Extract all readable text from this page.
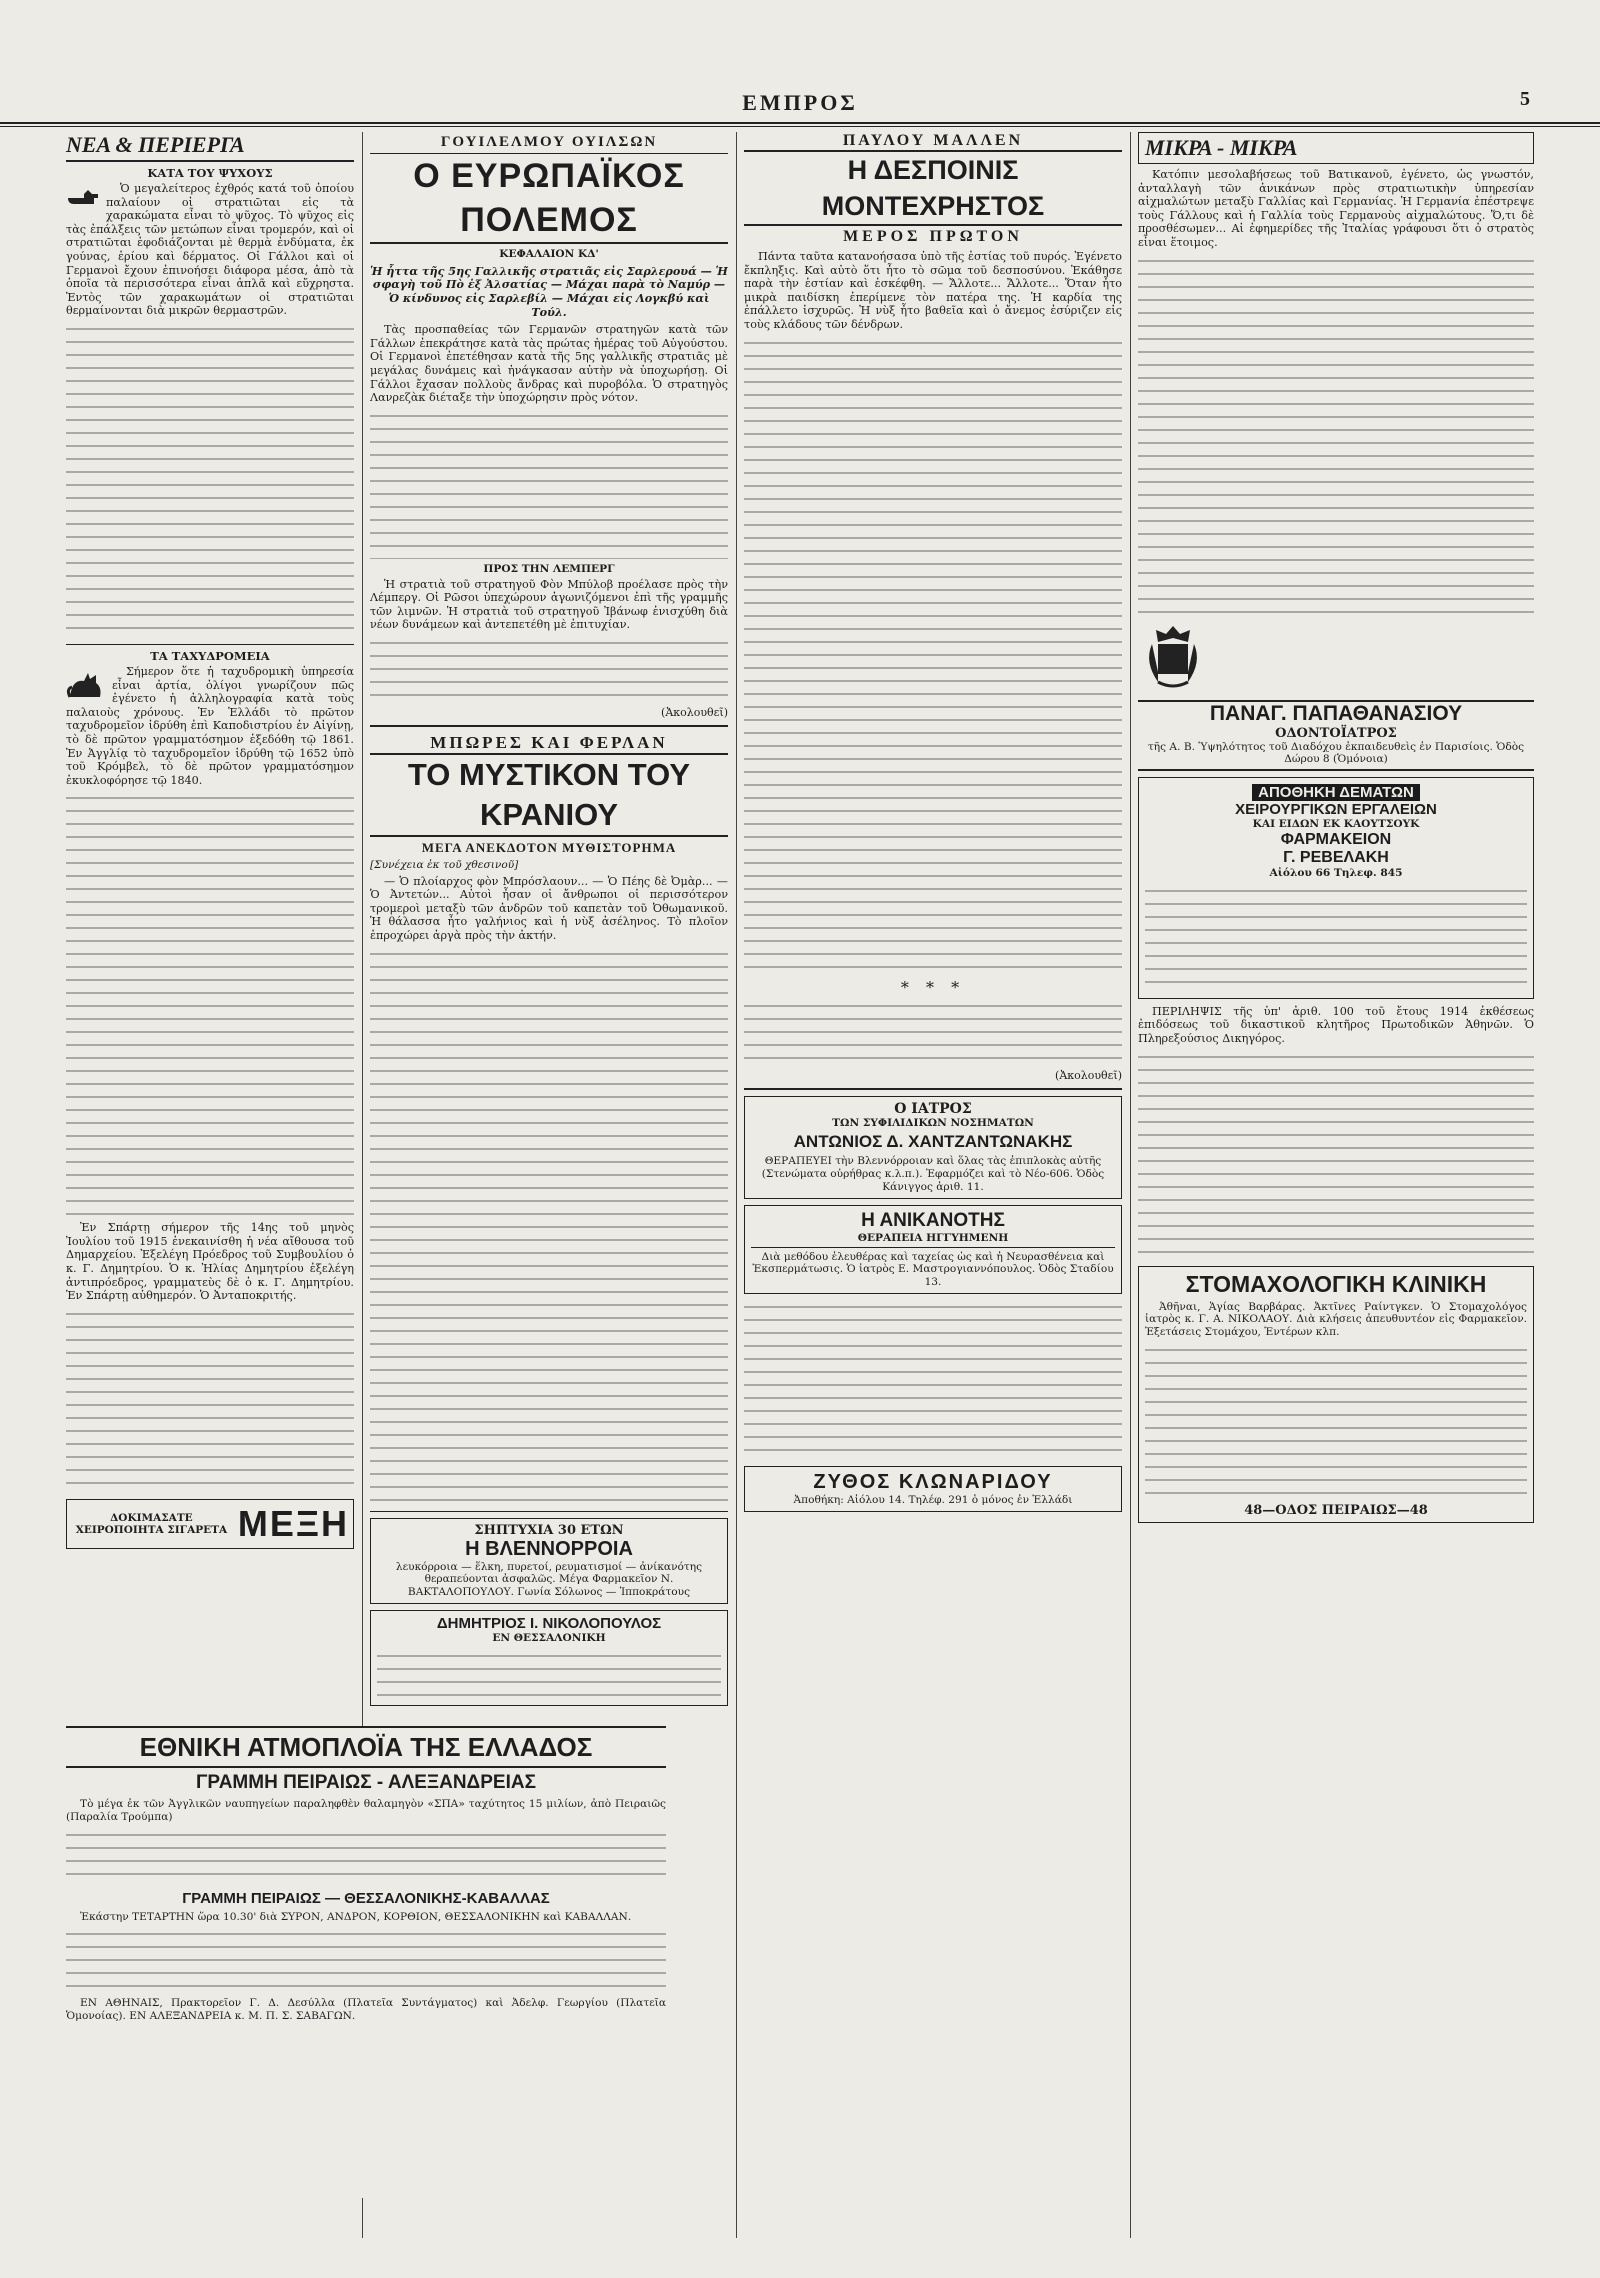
ΕΜΠΡΟΣ	5
ΝΕΑ & ΠΕΡΙΕΡΓΑ
ΚΑΤΑ ΤΟΥ ΨΥΧΟΥΣ

Ὁ μεγαλείτερος ἐχθρός κατά τοῦ ὁποίου παλαίουν οἱ στρατιῶται εἰς τὰ χαρακώματα εἶναι τὸ ψῦχος. Τὸ ψῦχος εἰς τὰς ἐπάλξεις τῶν μετώπων εἶναι τρομερόν, καὶ οἱ στρατιῶται ἐφοδιάζονται μὲ θερμὰ ἐνδύματα, ἐκ γούνας, ἐρίου καὶ δέρματος. Οἱ Γάλλοι καὶ οἱ Γερμανοὶ ἔχουν ἐπινοήσει διάφορα μέσα, ἀπὸ τὰ ὁποῖα τὰ περισσότερα εἶναι ἁπλᾶ καὶ εὔχρηστα. Ἐντὸς τῶν χαρακωμάτων οἱ στρατιῶται θερμαίνονται διὰ μικρῶν θερμαστρῶν.

ΤΑ ΤΑΧΥΔΡΟΜΕΙΑ

Σήμερον ὅτε ἡ ταχυδρομικὴ ὑπηρεσία εἶναι ἀρτία, ὀλίγοι γνωρίζουν πῶς ἐγένετο ἡ ἀλληλογραφία κατὰ τοὺς παλαιοὺς χρόνους. Ἐν Ἑλλάδι τὸ πρῶτον ταχυδρομεῖον ἱδρύθη ἐπὶ Καποδιστρίου ἐν Αἰγίνῃ, τὸ δὲ πρῶτον γραμματόσημον ἐξεδόθη τῷ 1861. Ἐν Ἀγγλίᾳ τὸ ταχυδρομεῖον ἱδρύθη τῷ 1652 ὑπὸ τοῦ Κρόμβελ, τὸ δὲ πρῶτον γραμματόσημον ἐκυκλοφόρησε τῷ 1840.

Ἐν Σπάρτῃ σήμερον τῆς 14ης τοῦ μηνὸς Ἰουλίου τοῦ 1915 ἐνεκαινίσθη ἡ νέα αἴθουσα τοῦ Δημαρχείου. Ἐξελέγη Πρόεδρος τοῦ Συμβουλίου ὁ κ. Γ. Δημητρίου. Ὁ κ. Ἠλίας Δημητρίου ἐξελέγη ἀντιπρόεδρος, γραμματεὺς δὲ ὁ κ. Γ. Δημητρίου. Ἐν Σπάρτῃ αὐθημερόν. Ὁ Ἀνταποκριτής.

ΔΟΚΙΜΑΣΑΤΕ
ΧΕΙΡΟΠΟΙΗΤΑ ΣΙΓΑΡΕΤΑ ΜΕΞΗ
ΓΟΥΙΛΕΛΜΟΥ ΟΥΙΛΣΩΝ
Ο ΕΥΡΩΠΑΪΚΟΣ ΠΟΛΕΜΟΣ
ΚΕΦΑΛΑΙΟΝ ΚΔ'

Ἡ ἧττα τῆς 5ης Γαλλικῆς στρατιᾶς εἰς Σαρλερουά — Ἡ σφαγὴ τοῦ Πὸ ἐξ Ἀλσατίας — Μάχαι παρὰ τὸ Ναμύρ — Ὁ κίνδυνος εἰς Σαρλεβίλ — Μάχαι εἰς Λογκβύ καὶ Τούλ.

Τὰς προσπαθείας τῶν Γερμανῶν στρατηγῶν κατὰ τῶν Γάλλων ἐπεκράτησε κατὰ τὰς πρώτας ἡμέρας τοῦ Αὐγούστου. Οἱ Γερμανοὶ ἐπετέθησαν κατὰ τῆς 5ης γαλλικῆς στρατιᾶς μὲ μεγάλας δυνάμεις καὶ ἠνάγκασαν αὐτὴν νὰ ὑποχωρήσῃ. Οἱ Γάλλοι ἔχασαν πολλοὺς ἄνδρας καὶ πυροβόλα. Ὁ στρατηγὸς Λανρεζὰκ διέταξε τὴν ὑποχώρησιν πρὸς νότον.

ΠΡΟΣ ΤΗΝ ΛΕΜΠΕΡΓ

Ἡ στρατιὰ τοῦ στρατηγοῦ Φὸν Μπύλοβ προέλασε πρὸς τὴν Λέμπεργ. Οἱ Ρῶσοι ὑπεχώρουν ἀγωνιζόμενοι ἐπὶ τῆς γραμμῆς τῶν λιμνῶν. Ἡ στρατιὰ τοῦ στρατηγοῦ Ἰβάνωφ ἐνισχύθη διὰ νέων δυνάμεων καὶ ἀντεπετέθη μὲ ἐπιτυχίαν.

(Ἀκολουθεῖ)
ΜΠΩΡΕΣ ΚΑΙ ΦΕΡΛΑΝ
ΤΟ ΜΥΣΤΙΚΟΝ ΤΟΥ ΚΡΑΝΙΟΥ
ΜΕΓΑ ΑΝΕΚΔΟΤΟΝ ΜΥΘΙΣΤΟΡΗΜΑ
[Συνέχεια ἐκ τοῦ χθεσινοῦ]

— Ὁ πλοίαρχος φὸν Μπρόσλαουν... — Ὁ Πέης δὲ Ὀμὰρ... — Ὁ Ἀντετών... Αὐτοὶ ἦσαν οἱ ἄνθρωποι οἱ περισσότερον τρομεροὶ μεταξὺ τῶν ἀνδρῶν τοῦ καπετὰν τοῦ Ὀθωμανικοῦ. Ἡ θάλασσα ἦτο γαλήνιος καὶ ἡ νὺξ ἀσέληνος. Τὸ πλοῖον ἐπροχώρει ἀργὰ πρὸς τὴν ἀκτήν.

ΣΗΠΤΥΧΙΑ 30 ΕΤΩΝ
Η ΒΛΕΝΝΟΡΡΟΙΑ
λευκόρροια — ἕλκη, πυρετοί, ρευματισμοί — ἀνίκανότης θεραπεύονται ἀσφαλῶς. Μέγα Φαρμακεῖον Ν. ΒΑΚΤΑΛΟΠΟΥΛΟΥ. Γωνία Σόλωνος — Ἱπποκράτους
ΔΗΜΗΤΡΙΟΣ Ι. ΝΙΚΟΛΟΠΟΥΛΟΣ
ΕΝ ΘΕΣΣΑΛΟΝΙΚΗ
ΠΑΥΛΟΥ ΜΑΛΛΕΝ
Η ΔΕΣΠΟΙΝΙΣ ΜΟΝΤΕΧΡΗΣΤΟΣ
ΜΕΡΟΣ ΠΡΩΤΟΝ

Πάντα ταῦτα κατανοήσασα ὑπὸ τῆς ἑστίας τοῦ πυρός. Ἐγένετο ἔκπληξις. Καὶ αὐτὸ ὅτι ἦτο τὸ σῶμα τοῦ δεσποσύνου. Ἐκάθησε παρὰ τὴν ἑστίαν καὶ ἐσκέφθη. — Ἄλλοτε... Ἄλλοτε... Ὅταν ἦτο μικρὰ παιδίσκη ἐπερίμενε τὸν πατέρα της. Ἡ καρδία της ἐπάλλετο ἰσχυρῶς. Ἡ νὺξ ἦτο βαθεῖα καὶ ὁ ἄνεμος ἐσύριζεν εἰς τοὺς κλάδους τῶν δένδρων.

* * *
(Ἀκολουθεῖ)
Ο ΙΑΤΡΟΣ
ΤΩΝ ΣΥΦΙΛΙΔΙΚΩΝ ΝΟΣΗΜΑΤΩΝ
ΑΝΤΩΝΙΟΣ Δ. ΧΑΝΤΖΑΝΤΩΝΑΚΗΣ
ΘΕΡΑΠΕΥΕΙ τὴν Βλεννόρροιαν καὶ ὅλας τὰς ἐπιπλοκὰς αὐτῆς (Στενώματα οὐρήθρας κ.λ.π.). Ἐφαρμόζει καὶ τὸ Νέο-606. Ὁδὸς Κάνιγγος ἀριθ. 11.
Η ΑΝΙΚΑΝΟΤΗΣ
ΘΕΡΑΠΕΙΑ ΗΓΓΥΗΜΕΝΗ
Διὰ μεθόδου ἐλευθέρας καὶ ταχείας ὡς καὶ ἡ Νευρασθένεια καὶ Ἐκσπερμάτωσις. Ὁ ἰατρὸς Ε. Μαστρογιαννόπουλος. Ὁδὸς Σταδίου 13.
ΖΥΘΟΣ ΚΛΩΝΑΡΙΔΟΥ
Ἀποθήκη: Αἰόλου 14. Τηλέφ. 291 ὁ μόνος ἐν Ἑλλάδι
ΜΙΚΡΑ - ΜΙΚΡΑ

Κατόπιν μεσολαβήσεως τοῦ Βατικανοῦ, ἐγένετο, ὡς γνωστόν, ἀνταλλαγὴ τῶν ἀνικάνων πρὸς στρατιωτικὴν ὑπηρεσίαν αἰχμαλώτων μεταξὺ Γαλλίας καὶ Γερμανίας. Ἡ Γερμανία ἐπέστρεψε τοὺς Γάλλους καὶ ἡ Γαλλία τοὺς Γερμανοὺς αἰχμαλώτους. Ὅ,τι δὲ προσθέσωμεν... Αἱ ἐφημερίδες τῆς Ἰταλίας γράφουσι ὅτι ὁ στρατὸς εἶναι ἕτοιμος.

ΠΑΝΑΓ. ΠΑΠΑΘΑΝΑΣΙΟΥ
ΟΔΟΝΤΟΪΑΤΡΟΣ
τῆς Α. Β. Ὑψηλότητος τοῦ Διαδόχου ἐκπαιδευθεὶς ἐν Παρισίοις. Ὁδὸς Δώρου 8 (Ὁμόνοια)
ΑΠΟΘΗΚΗ ΔΕΜΑΤΩΝ
ΧΕΙΡΟΥΡΓΙΚΩΝ ΕΡΓΑΛΕΙΩΝ
ΚΑΙ ΕΙΔΩΝ ΕΚ ΚΑΟΥΤΣΟΥΚ
ΦΑΡΜΑΚΕΙΟΝ
Γ. ΡΕΒΕΛΑΚΗ
Αἰόλου 66 Τηλεφ. 845

ΠΕΡΙΛΗΨΙΣ τῆς ὑπ' ἀριθ. 100 τοῦ ἔτους 1914 ἐκθέσεως ἐπιδόσεως τοῦ δικαστικοῦ κλητῆρος Πρωτοδικῶν Ἀθηνῶν. Ὁ Πληρεξούσιος Δικηγόρος.

ΣΤΟΜΑΧΟΛΟΓΙΚΗ ΚΛΙΝΙΚΗ

Ἀθῆναι, Ἁγίας Βαρβάρας. Ἀκτῖνες Ραίντγκεν. Ὁ Στομαχολόγος ἰατρὸς κ. Γ. Α. ΝΙΚΟΛΑΟΥ. Διὰ κλήσεις ἀπευθυντέον εἰς Φαρμακεῖον. Ἐξετάσεις Στομάχου, Ἐντέρων κλπ.

48—ΟΔΟΣ ΠΕΙΡΑΙΩΣ—48
ΕΘΝΙΚΗ ΑΤΜΟΠΛΟΪΑ ΤΗΣ ΕΛΛΑΔΟΣ
ΓΡΑΜΜΗ ΠΕΙΡΑΙΩΣ - ΑΛΕΞΑΝΔΡΕΙΑΣ

Τὸ μέγα ἐκ τῶν Ἀγγλικῶν ναυπηγείων παραληφθὲν θαλαμηγὸν «ΣΠΑ» ταχύτητος 15 μιλίων, ἀπὸ Πειραιῶς (Παραλία Τρούμπα)

ΓΡΑΜΜΗ ΠΕΙΡΑΙΩΣ — ΘΕΣΣΑΛΟΝΙΚΗΣ-ΚΑΒΑΛΛΑΣ

Ἐκάστην ΤΕΤΑΡΤΗΝ ὥρα 10.30' διὰ ΣΥΡΟΝ, ΑΝΔΡΟΝ, ΚΟΡΘΙΟΝ, ΘΕΣΣΑΛΟΝΙΚΗΝ καὶ ΚΑΒΑΛΛΑΝ.

ΕΝ ΑΘΗΝΑΙΣ, Πρακτορεῖον Γ. Δ. Δεσύλλα (Πλατεῖα Συντάγματος) καὶ Ἀδελφ. Γεωργίου (Πλατεῖα Ὁμονοίας). ΕΝ ΑΛΕΞΑΝΔΡΕΙΑ κ. Μ. Π. Σ. ΣΑΒΑΓΩΝ.
